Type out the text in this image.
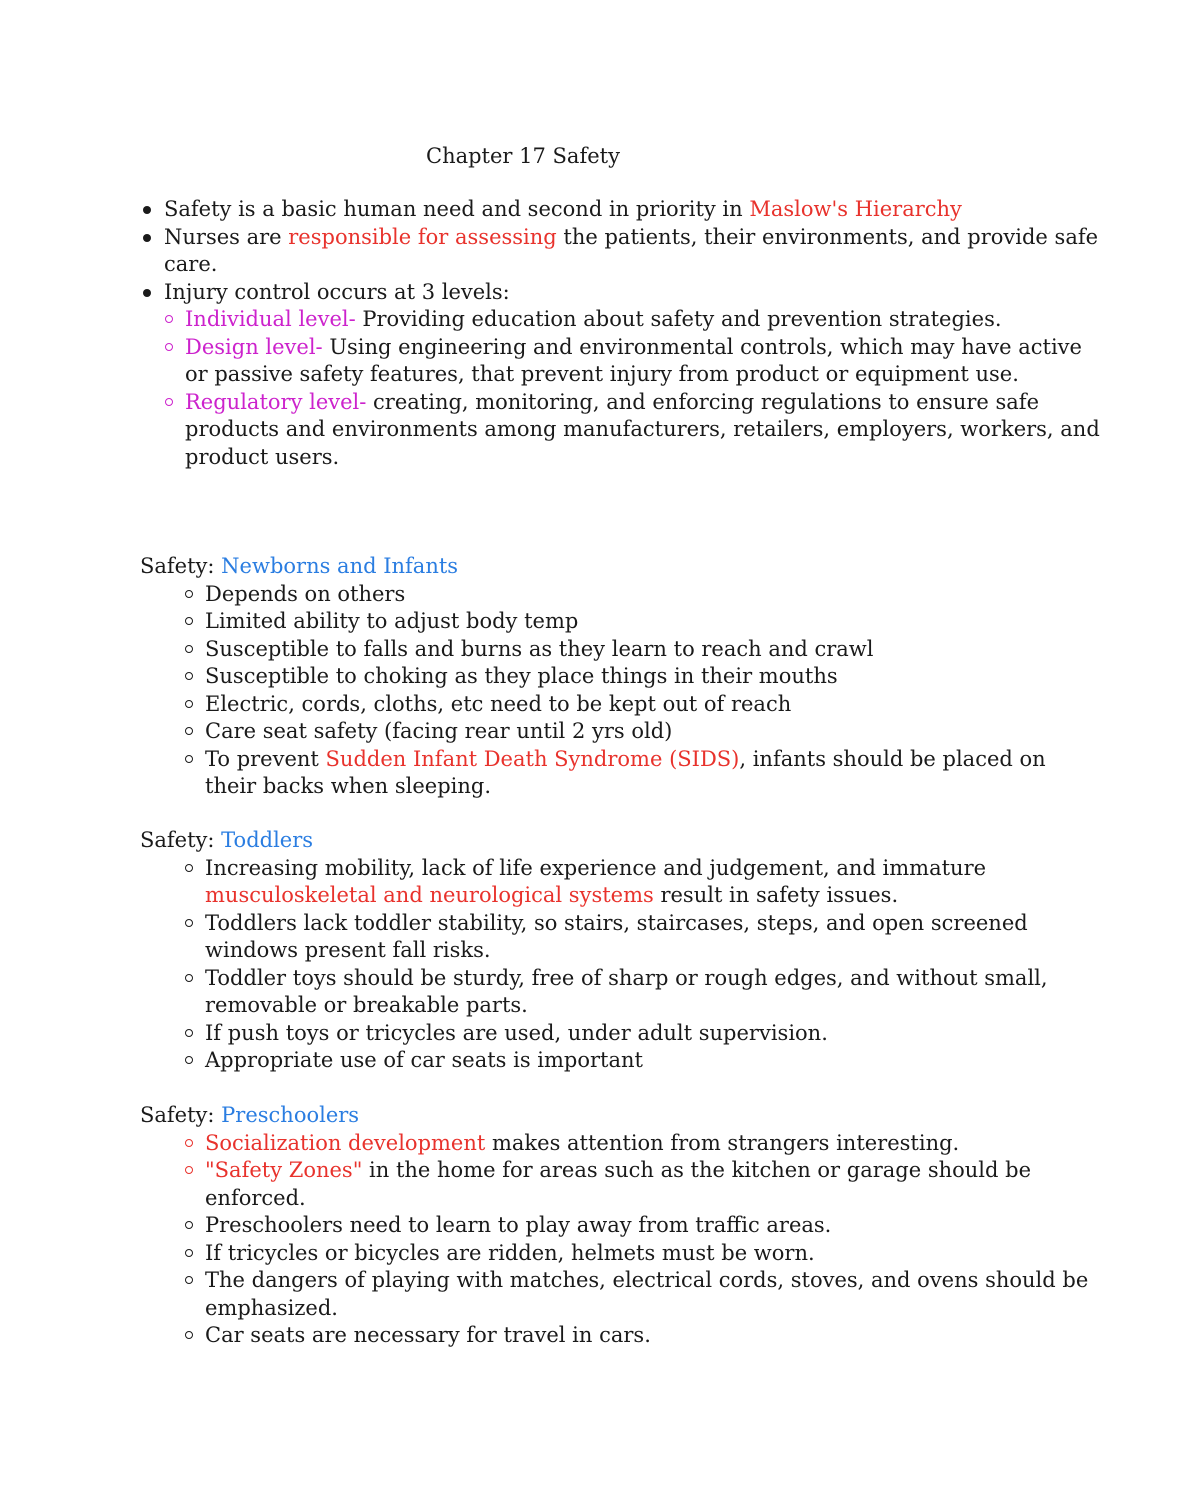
Chapter 17 Safety
Safety is a basic human need and second in priority in Maslow's Hierarchy
Nurses are responsible for assessing the patients, their environments, and provide safe care.
Injury control occurs at 3 levels:
Individual level- Providing education about safety and prevention strategies.
Design level- Using engineering and environmental controls, which may have active or passive safety features, that prevent injury from product or equipment use.
Regulatory level- creating, monitoring, and enforcing regulations to ensure safe products and environments among manufacturers, retailers, employers, workers, and product users.
Safety: Newborns and Infants
Depends on others
Limited ability to adjust body temp
Susceptible to falls and burns as they learn to reach and crawl
Susceptible to choking as they place things in their mouths
Electric, cords, cloths, etc need to be kept out of reach
Care seat safety (facing rear until 2 yrs old)
To prevent Sudden Infant Death Syndrome (SIDS), infants should be placed on their backs when sleeping.
Safety: Toddlers
Increasing mobility, lack of life experience and judgement, and immature musculoskeletal and neurological systems result in safety issues.
Toddlers lack toddler stability, so stairs, staircases, steps, and open screened windows present fall risks.
Toddler toys should be sturdy, free of sharp or rough edges, and without small, removable or breakable parts.
If push toys or tricycles are used, under adult supervision.
Appropriate use of car seats is important
Safety: Preschoolers
Socialization development makes attention from strangers interesting.
"Safety Zones" in the home for areas such as the kitchen or garage should be enforced.
Preschoolers need to learn to play away from traffic areas.
If tricycles or bicycles are ridden, helmets must be worn.
The dangers of playing with matches, electrical cords, stoves, and ovens should be emphasized.
Car seats are necessary for travel in cars.
